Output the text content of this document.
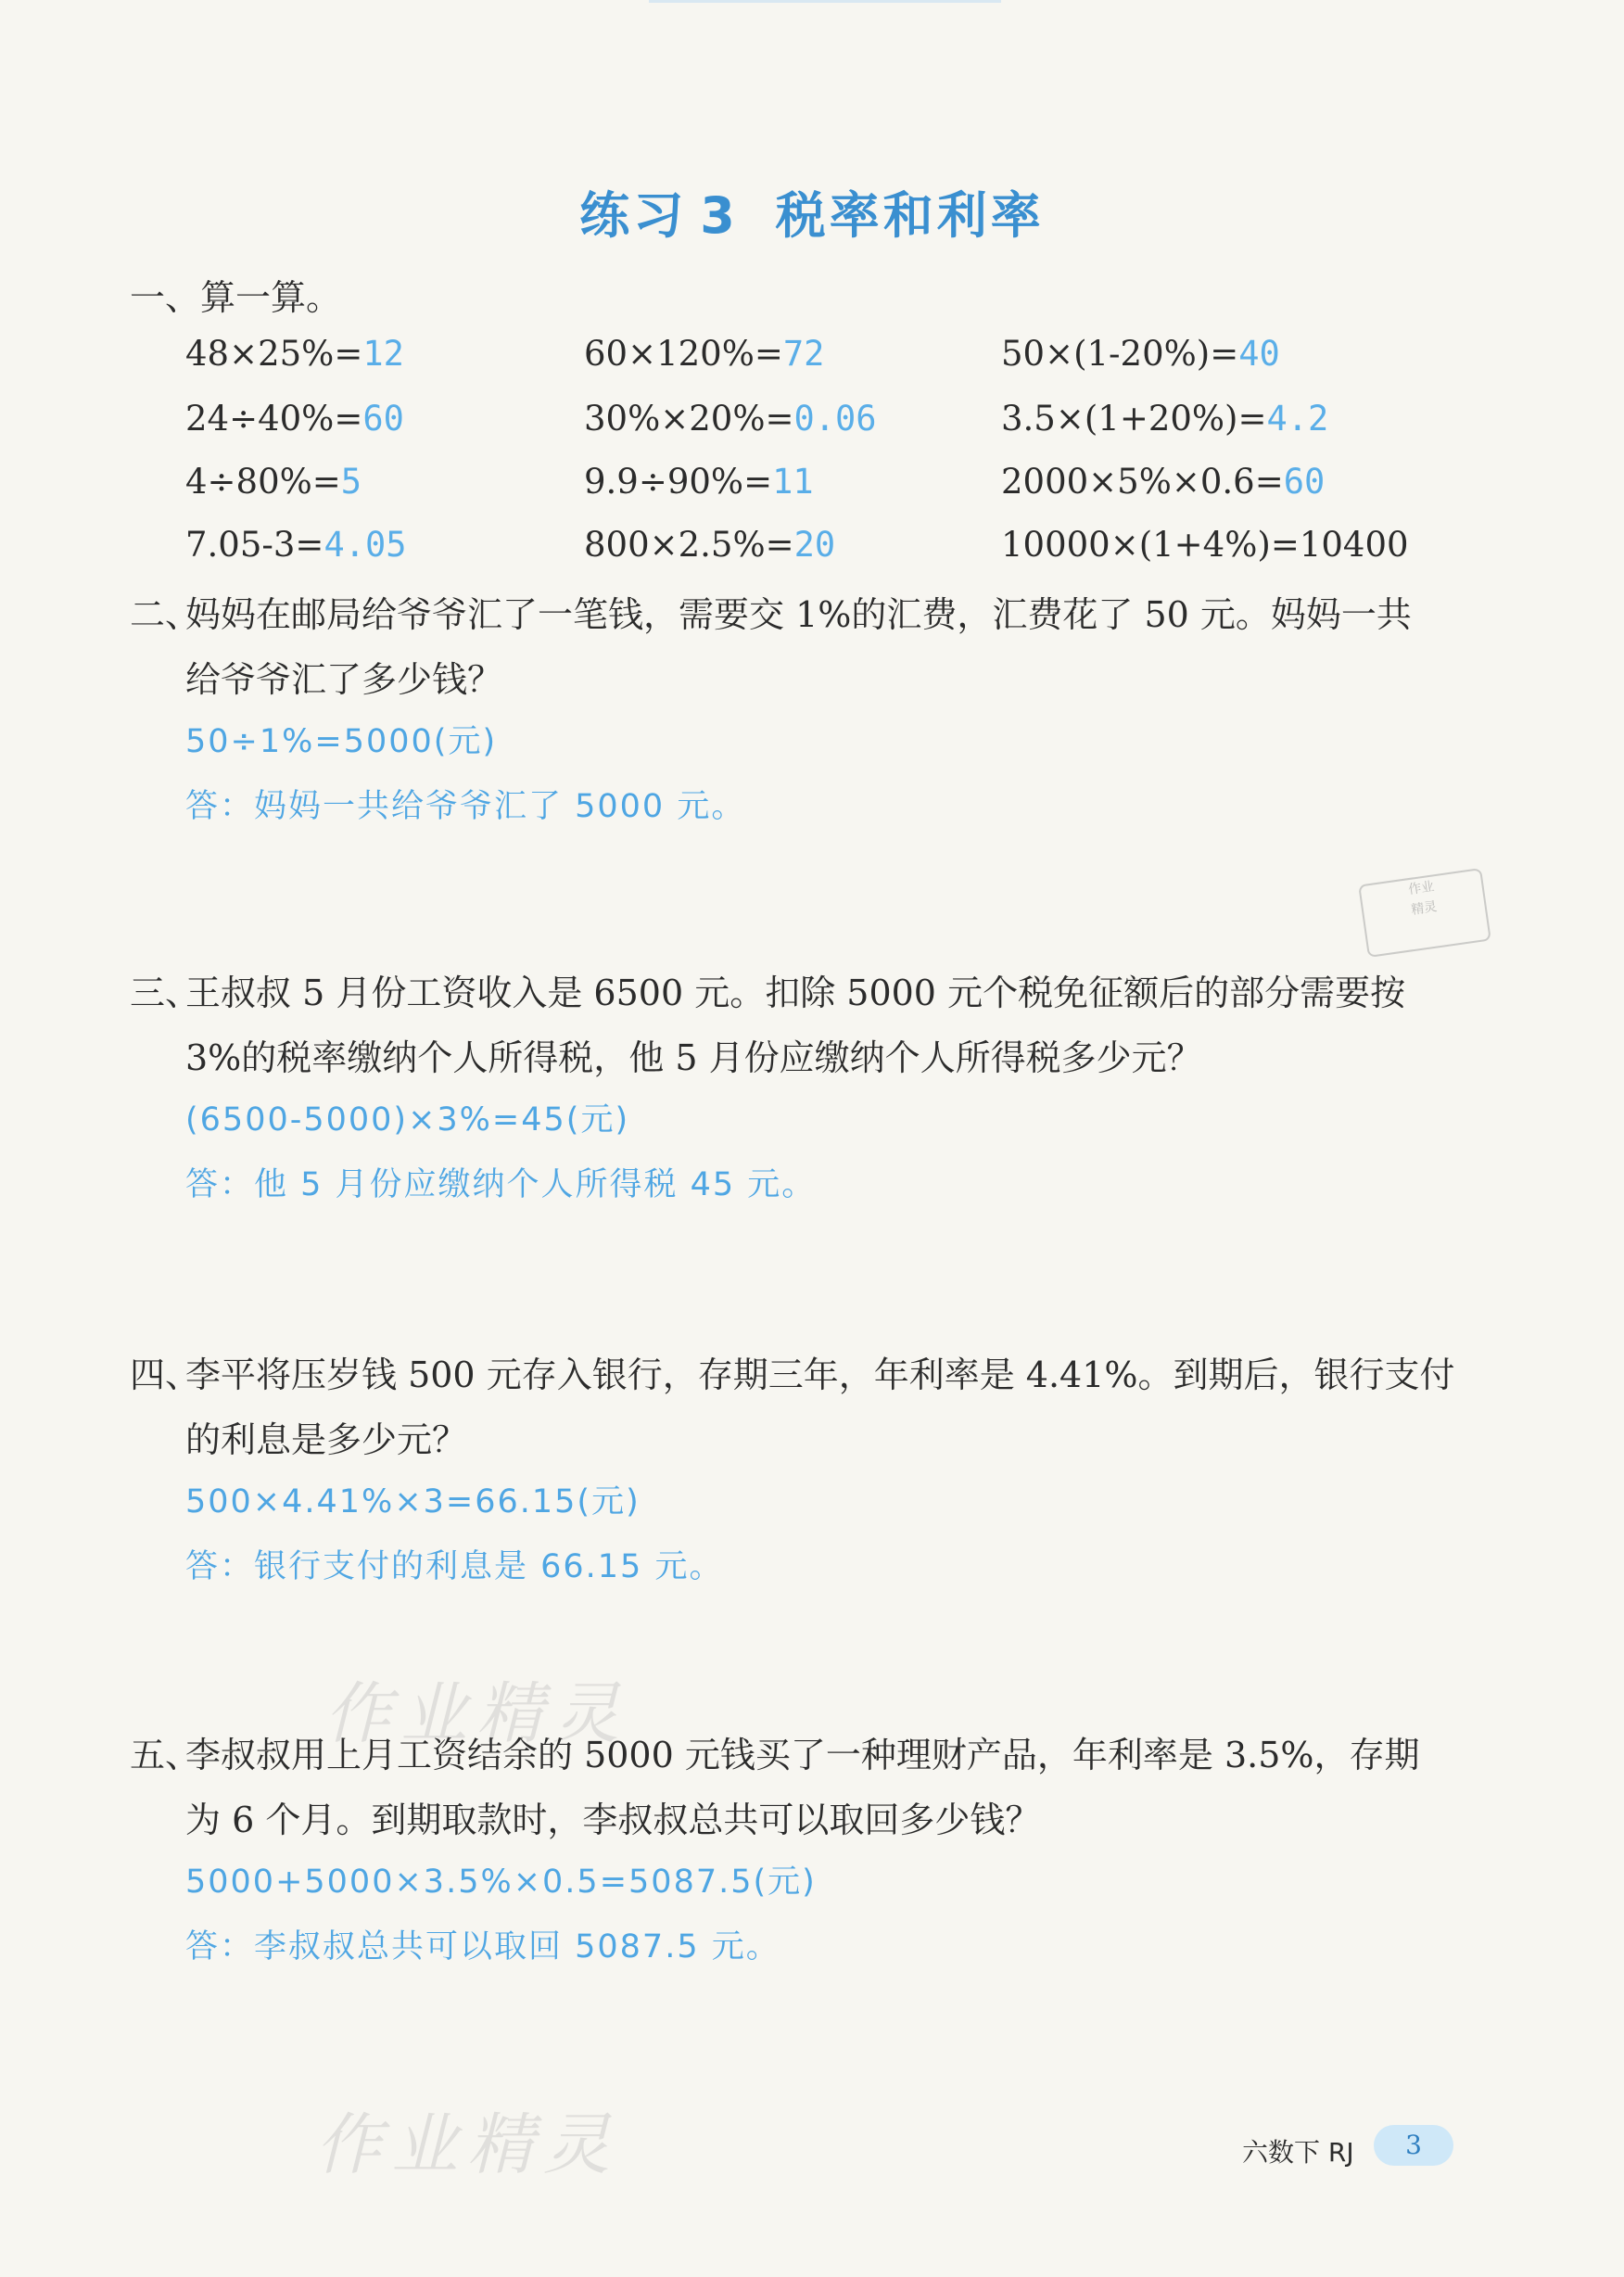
练习 3 税率和利率
一、算一算。
48×25%=12	60×120%=72	50×(1-20%)=40
24÷40%=60	30%×20%=0.06	3.5×(1+20%)=4.2
4÷80%=5	9.9÷90%=11	2000×5%×0.6=60
7.05-3=4.05	800×2.5%=20	10000×(1+4%)=10400
二、
妈妈在邮局给爷爷汇了一笔钱，需要交 1%的汇费，汇费花了 50 元。妈妈一共
给爷爷汇了多少钱？
50÷1%=5000(元)
答：妈妈一共给爷爷汇了 5000 元。
作业
精灵
三、
王叔叔 5 月份工资收入是 6500 元。扣除 5000 元个税免征额后的部分需要按
3%的税率缴纳个人所得税，他 5 月份应缴纳个人所得税多少元？
(6500-5000)×3%=45(元)
答：他 5 月份应缴纳个人所得税 45 元。
四、
李平将压岁钱 500 元存入银行，存期三年，年利率是 4.41%。到期后，银行支付
的利息是多少元？
500×4.41%×3=66.15(元)
答：银行支付的利息是 66.15 元。
作业精灵
五、
李叔叔用上月工资结余的 5000 元钱买了一种理财产品，年利率是 3.5%，存期
为 6 个月。到期取款时，李叔叔总共可以取回多少钱？
5000+5000×3.5%×0.5=5087.5(元)
答：李叔叔总共可以取回 5087.5 元。
作业精灵	六数下 RJ	3
